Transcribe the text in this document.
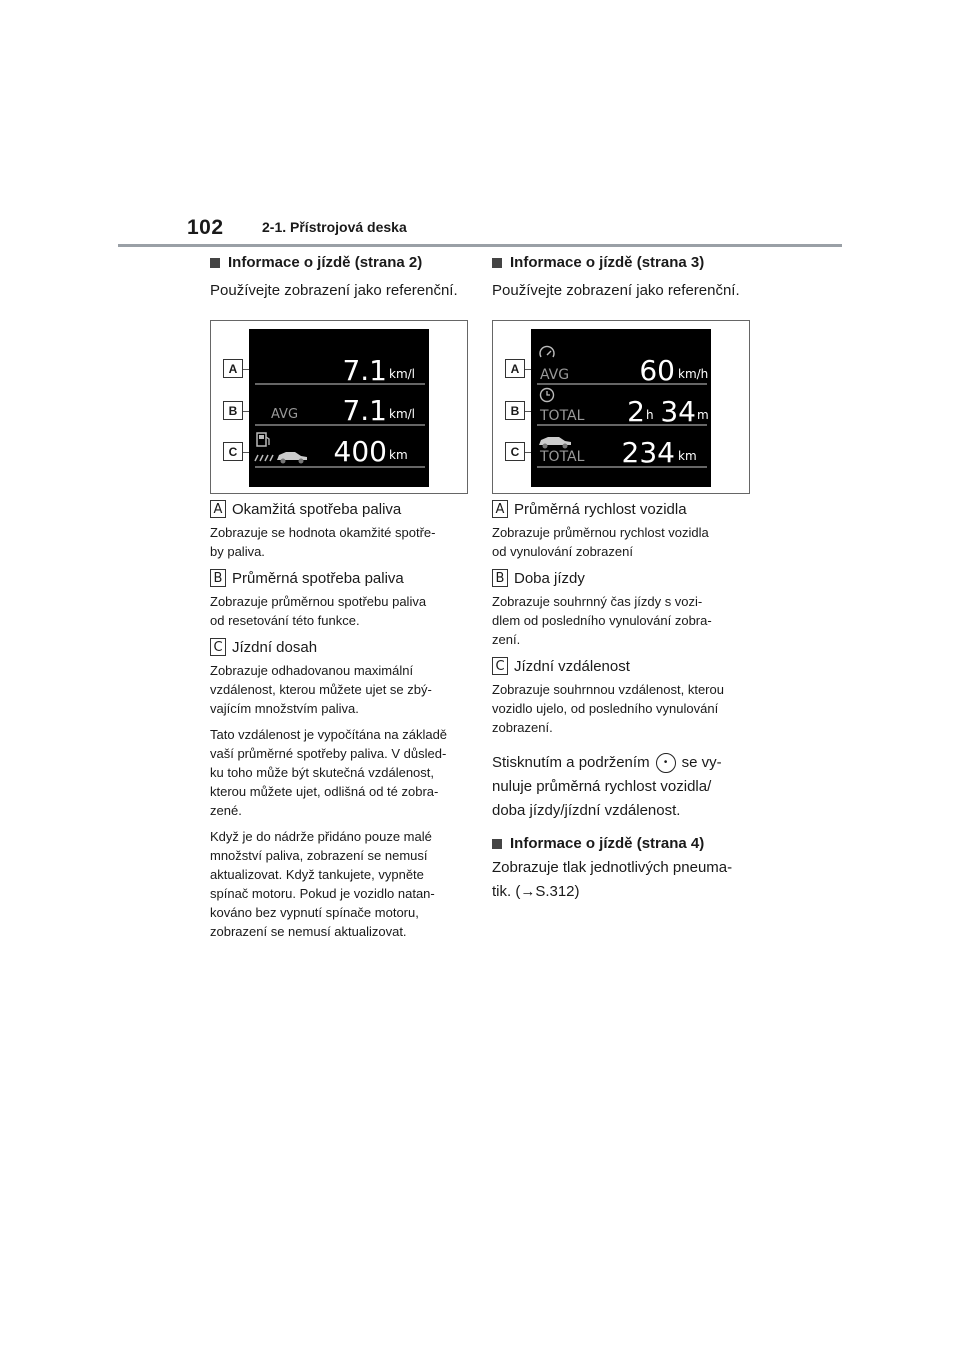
102	2-1. Přístrojová deska
Informace o jízdě (strana 2)
Používejte zobrazení jako referenční.
A
B
C
7.1 km/l
AVG 7.1 km/l
400 km
A Okamžitá spotřeba paliva
Zobrazuje se hodnota okamžité spotře-
by paliva.
B Průměrná spotřeba paliva
Zobrazuje průměrnou spotřebu paliva
od resetování této funkce.
C Jízdní dosah
Zobrazuje odhadovanou maximální
vzdálenost, kterou můžete ujet se zbý-
vajícím množstvím paliva.
Tato vzdálenost je vypočítána na základě
vaší průměrné spotřeby paliva. V důsled-
ku toho může být skutečná vzdálenost,
kterou můžete ujet, odlišná od té zobra-
zené.
Když je do nádrže přidáno pouze malé
množství paliva, zobrazení se nemusí
aktualizovat. Když tankujete, vypněte
spínač motoru. Pokud je vozidlo natan-
kováno bez vypnutí spínače motoru,
zobrazení se nemusí aktualizovat.
Informace o jízdě (strana 3)
Používejte zobrazení jako referenční.
A
B
C
AVG	60 km/h
TOTAL 2 h 34 m
TOTAL 234 km
A Průměrná rychlost vozidla
Zobrazuje průměrnou rychlost vozidla
od vynulování zobrazení
B Doba jízdy
Zobrazuje souhrnný čas jízdy s vozi-
dlem od posledního vynulování zobra-
zení.
C Jízdní vzdálenost
Zobrazuje souhrnnou vzdálenost, kterou
vozidlo ujelo, od posledního vynulování
zobrazení.
Stisknutím a podržením • se vy-
nuluje průměrná rychlost vozidla/
doba jízdy/jízdní vzdálenost.
Informace o jízdě (strana 4)
Zobrazuje tlak jednotlivých pneuma-
tik. (→S.312)
